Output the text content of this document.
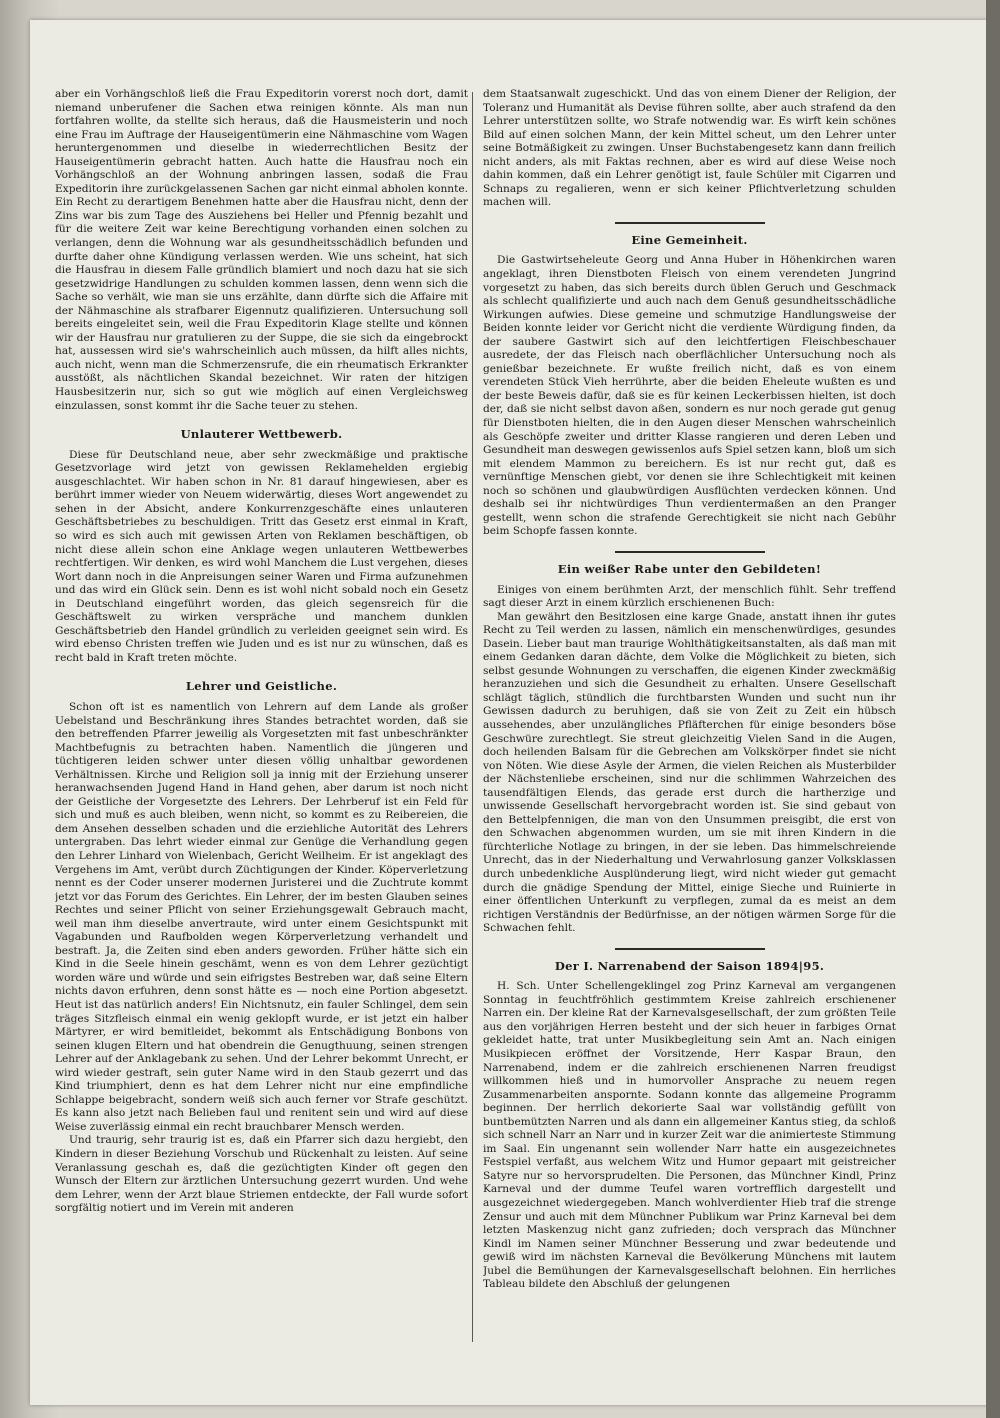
aber ein Vorhängschloß ließ die Frau Expeditorin vorerst noch dort, damit niemand unberufener die Sachen etwa reinigen könnte. Als man nun fortfahren wollte, da stellte sich heraus, daß die Hausmeisterin und noch eine Frau im Auftrage der Hauseigentümerin eine Nähmaschine vom Wagen heruntergenommen und dieselbe in wiederrechtlichen Besitz der Hauseigentümerin gebracht hatten. Auch hatte die Hausfrau noch ein Vorhängschloß an der Wohnung anbringen lassen, sodaß die Frau Expeditorin ihre zurückgelassenen Sachen gar nicht einmal abholen konnte. Ein Recht zu derartigem Benehmen hatte aber die Hausfrau nicht, denn der Zins war bis zum Tage des Ausziehens bei Heller und Pfennig bezahlt und für die weitere Zeit war keine Berechtigung vorhanden einen solchen zu verlangen, denn die Wohnung war als gesundheitsschädlich befunden und durfte daher ohne Kündigung verlassen werden. Wie uns scheint, hat sich die Hausfrau in diesem Falle gründlich blamiert und noch dazu hat sie sich gesetzwidrige Handlungen zu schulden kommen lassen, denn wenn sich die Sache so verhält, wie man sie uns erzählte, dann dürfte sich die Affaire mit der Nähmaschine als strafbarer Eigennutz qualifizieren. Untersuchung soll bereits eingeleitet sein, weil die Frau Expeditorin Klage stellte und können wir der Hausfrau nur gratulieren zu der Suppe, die sie sich da eingebrockt hat, aussessen wird sie's wahrscheinlich auch müssen, da hilft alles nichts, auch nicht, wenn man die Schmerzensrufe, die ein rheumatisch Erkrankter ausstößt, als nächtlichen Skandal bezeichnet. Wir raten der hitzigen Hausbesitzerin nur, sich so gut wie möglich auf einen Vergleichsweg einzulassen, sonst kommt ihr die Sache teuer zu stehen.

Unlauterer Wettbewerb.

Diese für Deutschland neue, aber sehr zweckmäßige und praktische Gesetzvorlage wird jetzt von gewissen Reklamehelden ergiebig ausgeschlachtet. Wir haben schon in Nr. 81 darauf hingewiesen, aber es berührt immer wieder von Neuem widerwärtig, dieses Wort angewendet zu sehen in der Absicht, andere Konkurrenzgeschäfte eines unlauteren Geschäftsbetriebes zu beschuldigen. Tritt das Gesetz erst einmal in Kraft, so wird es sich auch mit gewissen Arten von Reklamen beschäftigen, ob nicht diese allein schon eine Anklage wegen unlauteren Wettbewerbes rechtfertigen. Wir denken, es wird wohl Manchem die Lust vergehen, dieses Wort dann noch in die Anpreisungen seiner Waren und Firma aufzunehmen und das wird ein Glück sein. Denn es ist wohl nicht sobald noch ein Gesetz in Deutschland eingeführt worden, das gleich segensreich für die Geschäftswelt zu wirken verspräche und manchem dunklen Geschäftsbetrieb den Handel gründlich zu verleiden geeignet sein wird. Es wird ebenso Christen treffen wie Juden und es ist nur zu wünschen, daß es recht bald in Kraft treten möchte.

Lehrer und Geistliche.

Schon oft ist es namentlich von Lehrern auf dem Lande als großer Uebelstand und Beschränkung ihres Standes betrachtet worden, daß sie den betreffenden Pfarrer jeweilig als Vorgesetzten mit fast unbeschränkter Machtbefugnis zu betrachten haben. Namentlich die jüngeren und tüchtigeren leiden schwer unter diesen völlig unhaltbar gewordenen Verhältnissen. Kirche und Religion soll ja innig mit der Erziehung unserer heranwachsenden Jugend Hand in Hand gehen, aber darum ist noch nicht der Geistliche der Vorgesetzte des Lehrers. Der Lehrberuf ist ein Feld für sich und muß es auch bleiben, wenn nicht, so kommt es zu Reibereien, die dem Ansehen desselben schaden und die erziehliche Autorität des Lehrers untergraben. Das lehrt wieder einmal zur Genüge die Verhandlung gegen den Lehrer Linhard von Wielenbach, Gericht Weilheim. Er ist angeklagt des Vergehens im Amt, verübt durch Züchtigungen der Kinder. Köperverletzung nennt es der Coder unserer modernen Juristerei und die Zuchtrute kommt jetzt vor das Forum des Gerichtes. Ein Lehrer, der im besten Glauben seines Rechtes und seiner Pflicht von seiner Erziehungsgewalt Gebrauch macht, weil man ihm dieselbe anvertraute, wird unter einem Gesichtspunkt mit Vagabunden und Raufbolden wegen Körperverletzung verhandelt und bestraft. Ja, die Zeiten sind eben anders geworden. Früher hätte sich ein Kind in die Seele hinein geschämt, wenn es von dem Lehrer gezüchtigt worden wäre und würde und sein eifrigstes Bestreben war, daß seine Eltern nichts davon erfuhren, denn sonst hätte es — noch eine Portion abgesetzt. Heut ist das natürlich anders! Ein Nichtsnutz, ein fauler Schlingel, dem sein träges Sitzfleisch einmal ein wenig geklopft wurde, er ist jetzt ein halber Märtyrer, er wird bemitleidet, bekommt als Entschädigung Bonbons von seinen klugen Eltern und hat obendrein die Genugthuung, seinen strengen Lehrer auf der Anklagebank zu sehen. Und der Lehrer bekommt Unrecht, er wird wieder gestraft, sein guter Name wird in den Staub gezerrt und das Kind triumphiert, denn es hat dem Lehrer nicht nur eine empfindliche Schlappe beigebracht, sondern weiß sich auch ferner vor Strafe geschützt. Es kann also jetzt nach Belieben faul und renitent sein und wird auf diese Weise zuverlässig einmal ein recht brauchbarer Mensch werden.

Und traurig, sehr traurig ist es, daß ein Pfarrer sich dazu hergiebt, den Kindern in dieser Beziehung Vorschub und Rückenhalt zu leisten. Auf seine Veranlassung geschah es, daß die gezüchtigten Kinder oft gegen den Wunsch der Eltern zur ärztlichen Untersuchung gezerrt wurden. Und wehe dem Lehrer, wenn der Arzt blaue Striemen entdeckte, der Fall wurde sofort sorgfältig notiert und im Verein mit anderen

dem Staatsanwalt zugeschickt. Und das von einem Diener der Religion, der Toleranz und Humanität als Devise führen sollte, aber auch strafend da den Lehrer unterstützen sollte, wo Strafe notwendig war. Es wirft kein schönes Bild auf einen solchen Mann, der kein Mittel scheut, um den Lehrer unter seine Botmäßigkeit zu zwingen. Unser Buchstabengesetz kann dann freilich nicht anders, als mit Faktas rechnen, aber es wird auf diese Weise noch dahin kommen, daß ein Lehrer genötigt ist, faule Schüler mit Cigarren und Schnaps zu regalieren, wenn er sich keiner Pflichtverletzung schulden machen will.

Eine Gemeinheit.

Die Gastwirtseheleute Georg und Anna Huber in Höhenkirchen waren angeklagt, ihren Dienstboten Fleisch von einem verendeten Jungrind vorgesetzt zu haben, das sich bereits durch üblen Geruch und Geschmack als schlecht qualifizierte und auch nach dem Genuß gesundheitsschädliche Wirkungen aufwies. Diese gemeine und schmutzige Handlungsweise der Beiden konnte leider vor Gericht nicht die verdiente Würdigung finden, da der saubere Gastwirt sich auf den leichtfertigen Fleischbeschauer ausredete, der das Fleisch nach oberflächlicher Untersuchung noch als genießbar bezeichnete. Er wußte freilich nicht, daß es von einem verendeten Stück Vieh herrührte, aber die beiden Eheleute wußten es und der beste Beweis dafür, daß sie es für keinen Leckerbissen hielten, ist doch der, daß sie nicht selbst davon aßen, sondern es nur noch gerade gut genug für Dienstboten hielten, die in den Augen dieser Menschen wahrscheinlich als Geschöpfe zweiter und dritter Klasse rangieren und deren Leben und Gesundheit man deswegen gewissenlos aufs Spiel setzen kann, bloß um sich mit elendem Mammon zu bereichern. Es ist nur recht gut, daß es vernünftige Menschen giebt, vor denen sie ihre Schlechtigkeit mit keinen noch so schönen und glaubwürdigen Ausflüchten verdecken können. Und deshalb sei ihr nichtwürdiges Thun verdientermaßen an den Pranger gestellt, wenn schon die strafende Gerechtigkeit sie nicht nach Gebühr beim Schopfe fassen konnte.

Ein weißer Rabe unter den Gebildeten!

Einiges von einem berühmten Arzt, der menschlich fühlt. Sehr treffend sagt dieser Arzt in einem kürzlich erschienenen Buch:

Man gewährt den Besitzlosen eine karge Gnade, anstatt ihnen ihr gutes Recht zu Teil werden zu lassen, nämlich ein menschenwürdiges, gesundes Dasein. Lieber baut man traurige Wohlthätigkeitsanstalten, als daß man mit einem Gedanken daran dächte, dem Volke die Möglichkeit zu bieten, sich selbst gesunde Wohnungen zu verschaffen, die eigenen Kinder zweckmäßig heranzuziehen und sich die Gesundheit zu erhalten. Unsere Gesellschaft schlägt täglich, stündlich die furchtbarsten Wunden und sucht nun ihr Gewissen dadurch zu beruhigen, daß sie von Zeit zu Zeit ein hübsch aussehendes, aber unzulängliches Pfläfterchen für einige besonders böse Geschwüre zurechtlegt. Sie streut gleichzeitig Vielen Sand in die Augen, doch heilenden Balsam für die Gebrechen am Volkskörper findet sie nicht von Nöten. Wie diese Asyle der Armen, die vielen Reichen als Musterbilder der Nächstenliebe erscheinen, sind nur die schlimmen Wahrzeichen des tausendfältigen Elends, das gerade erst durch die hartherzige und unwissende Gesellschaft hervorgebracht worden ist. Sie sind gebaut von den Bettelpfennigen, die man von den Unsummen preisgibt, die erst von den Schwachen abgenommen wurden, um sie mit ihren Kindern in die fürchterliche Notlage zu bringen, in der sie leben. Das himmelschreiende Unrecht, das in der Niederhaltung und Verwahrlosung ganzer Volksklassen durch unbedenkliche Ausplünderung liegt, wird nicht wieder gut gemacht durch die gnädige Spendung der Mittel, einige Sieche und Ruinierte in einer öffentlichen Unterkunft zu verpflegen, zumal da es meist an dem richtigen Verständnis der Bedürfnisse, an der nötigen wärmen Sorge für die Schwachen fehlt.

Der I. Narrenabend der Saison 1894|95.

H. Sch. Unter Schellengeklingel zog Prinz Karneval am vergangenen Sonntag in feuchtfröhlich gestimmtem Kreise zahlreich erschienener Narren ein. Der kleine Rat der Karnevalsgesellschaft, der zum größten Teile aus den vorjährigen Herren besteht und der sich heuer in farbiges Ornat gekleidet hatte, trat unter Musikbegleitung sein Amt an. Nach einigen Musikpiecen eröffnet der Vorsitzende, Herr Kaspar Braun, den Narrenabend, indem er die zahlreich erschienenen Narren freudigst willkommen hieß und in humorvoller Ansprache zu neuem regen Zusammenarbeiten anspornte. Sodann konnte das allgemeine Programm beginnen. Der herrlich dekorierte Saal war vollständig gefüllt von buntbemützten Narren und als dann ein allgemeiner Kantus stieg, da schloß sich schnell Narr an Narr und in kurzer Zeit war die animierteste Stimmung im Saal. Ein ungenannt sein wollender Narr hatte ein ausgezeichnetes Festspiel verfaßt, aus welchem Witz und Humor gepaart mit geistreicher Satyre nur so hervorsprudelten. Die Personen, das Münchner Kindl, Prinz Karneval und der dumme Teufel waren vortrefflich dargestellt und ausgezeichnet wiedergegeben. Manch wohlverdienter Hieb traf die strenge Zensur und auch mit dem Münchner Publikum war Prinz Karneval bei dem letzten Maskenzug nicht ganz zufrieden; doch versprach das Münchner Kindl im Namen seiner Münchner Besserung und zwar bedeutende und gewiß wird im nächsten Karneval die Bevölkerung Münchens mit lautem Jubel die Bemühungen der Karnevalsgesellschaft belohnen. Ein herrliches Tableau bildete den Abschluß der gelungenen
